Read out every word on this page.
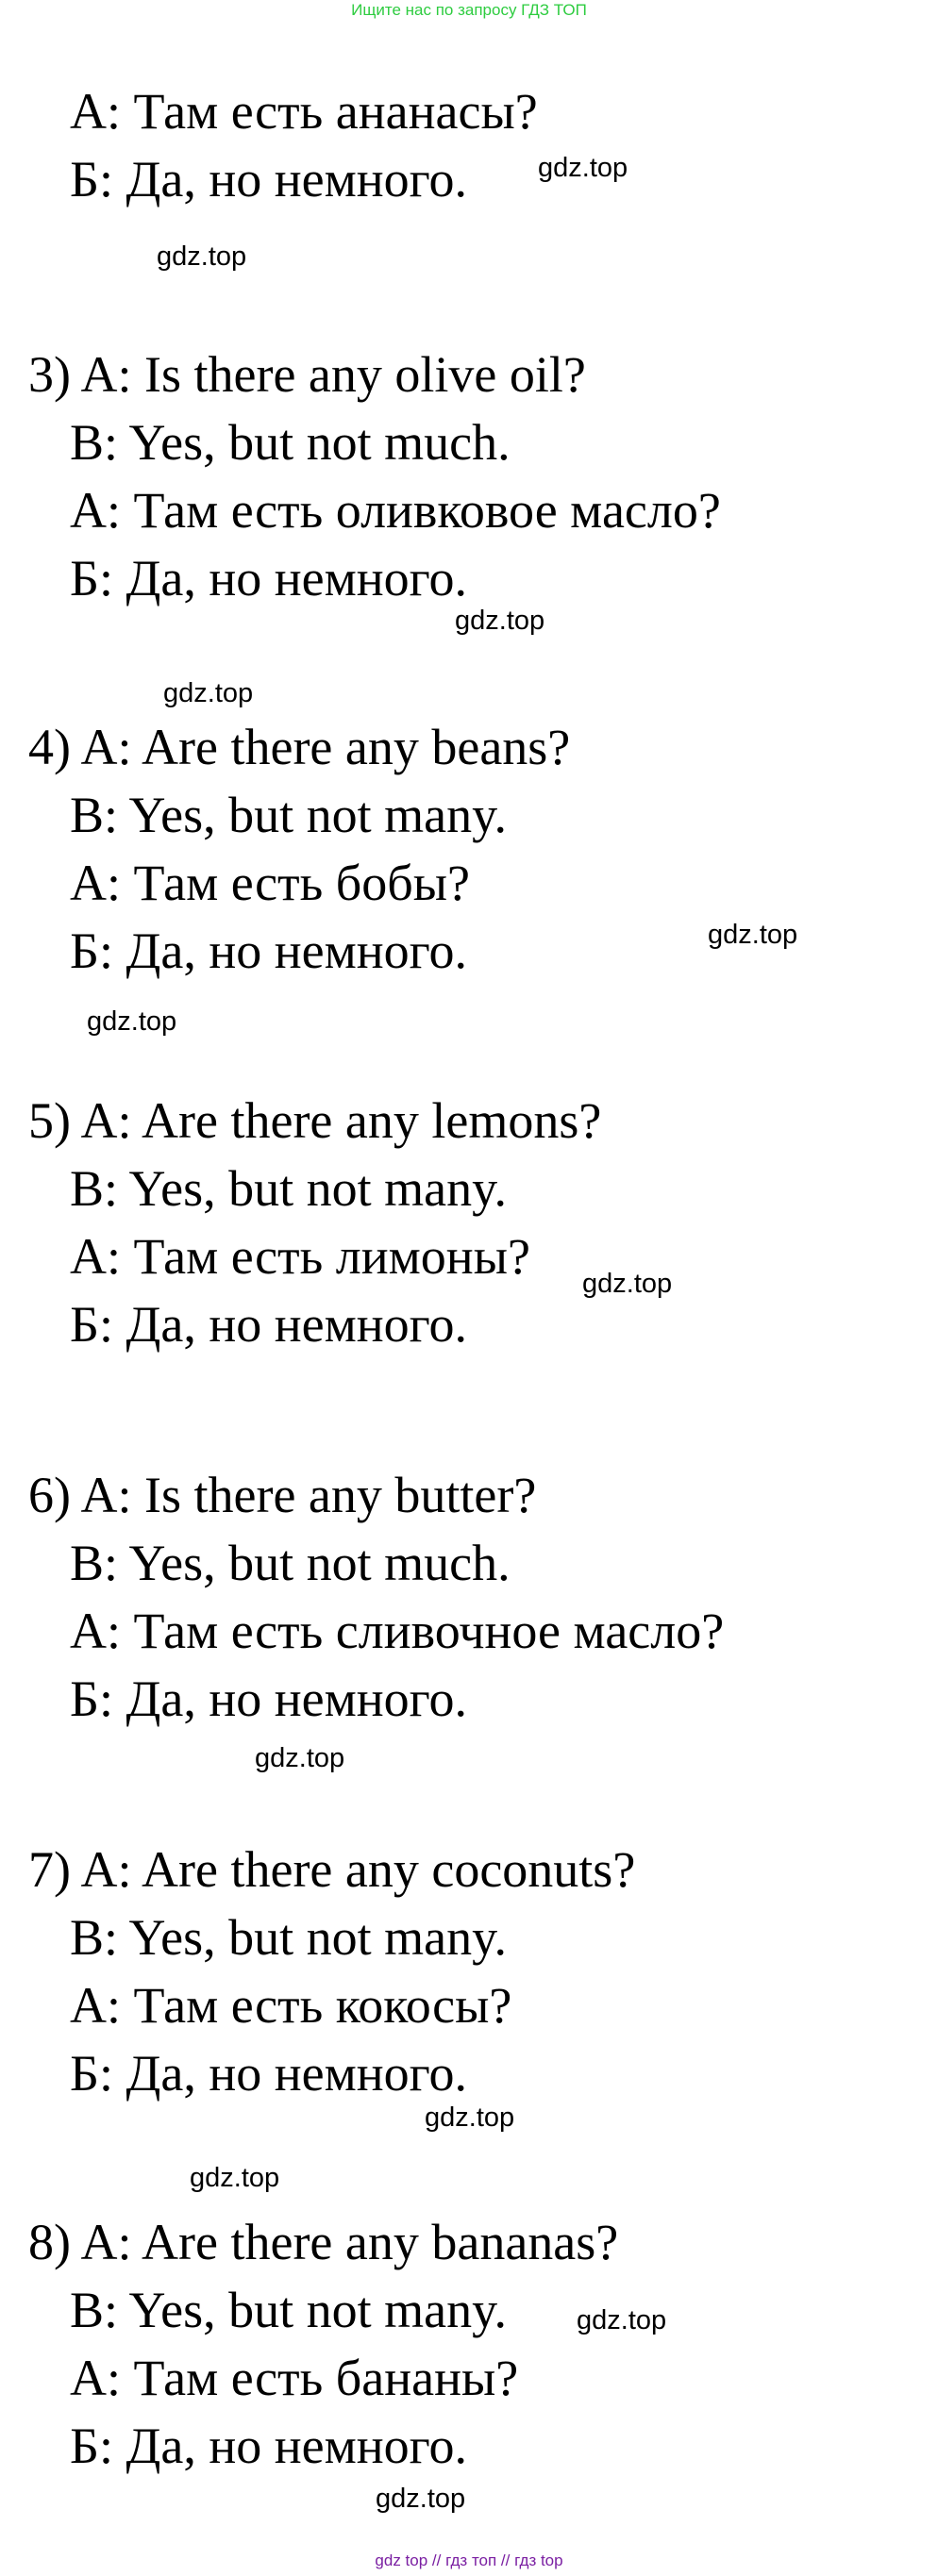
Ищите нас по запросу ГДЗ ТОП
А: Там есть ананасы?
Б: Да, но немного.
3) A: Is there any olive oil?
B: Yes, but not much.
А: Там есть оливковое масло?
Б: Да, но немного.
4) A: Are there any beans?
B: Yes, but not many.
А: Там есть бобы?
Б: Да, но немного.
5) A: Are there any lemons?
B: Yes, but not many.
А: Там есть лимоны?
Б: Да, но немного.
6) A: Is there any butter?
B: Yes, but not much.
А: Там есть сливочное масло?
Б: Да, но немного.
7) A: Are there any coconuts?
B: Yes, but not many.
А: Там есть кокосы?
Б: Да, но немного.
8) A: Are there any bananas?
B: Yes, but not many.
А: Там есть бананы?
Б: Да, но немного.
gdz.top
gdz.top
gdz.top
gdz.top
gdz.top
gdz.top
gdz.top
gdz.top
gdz.top
gdz.top
gdz.top
gdz.top
gdz top // гдз топ // гдз top
